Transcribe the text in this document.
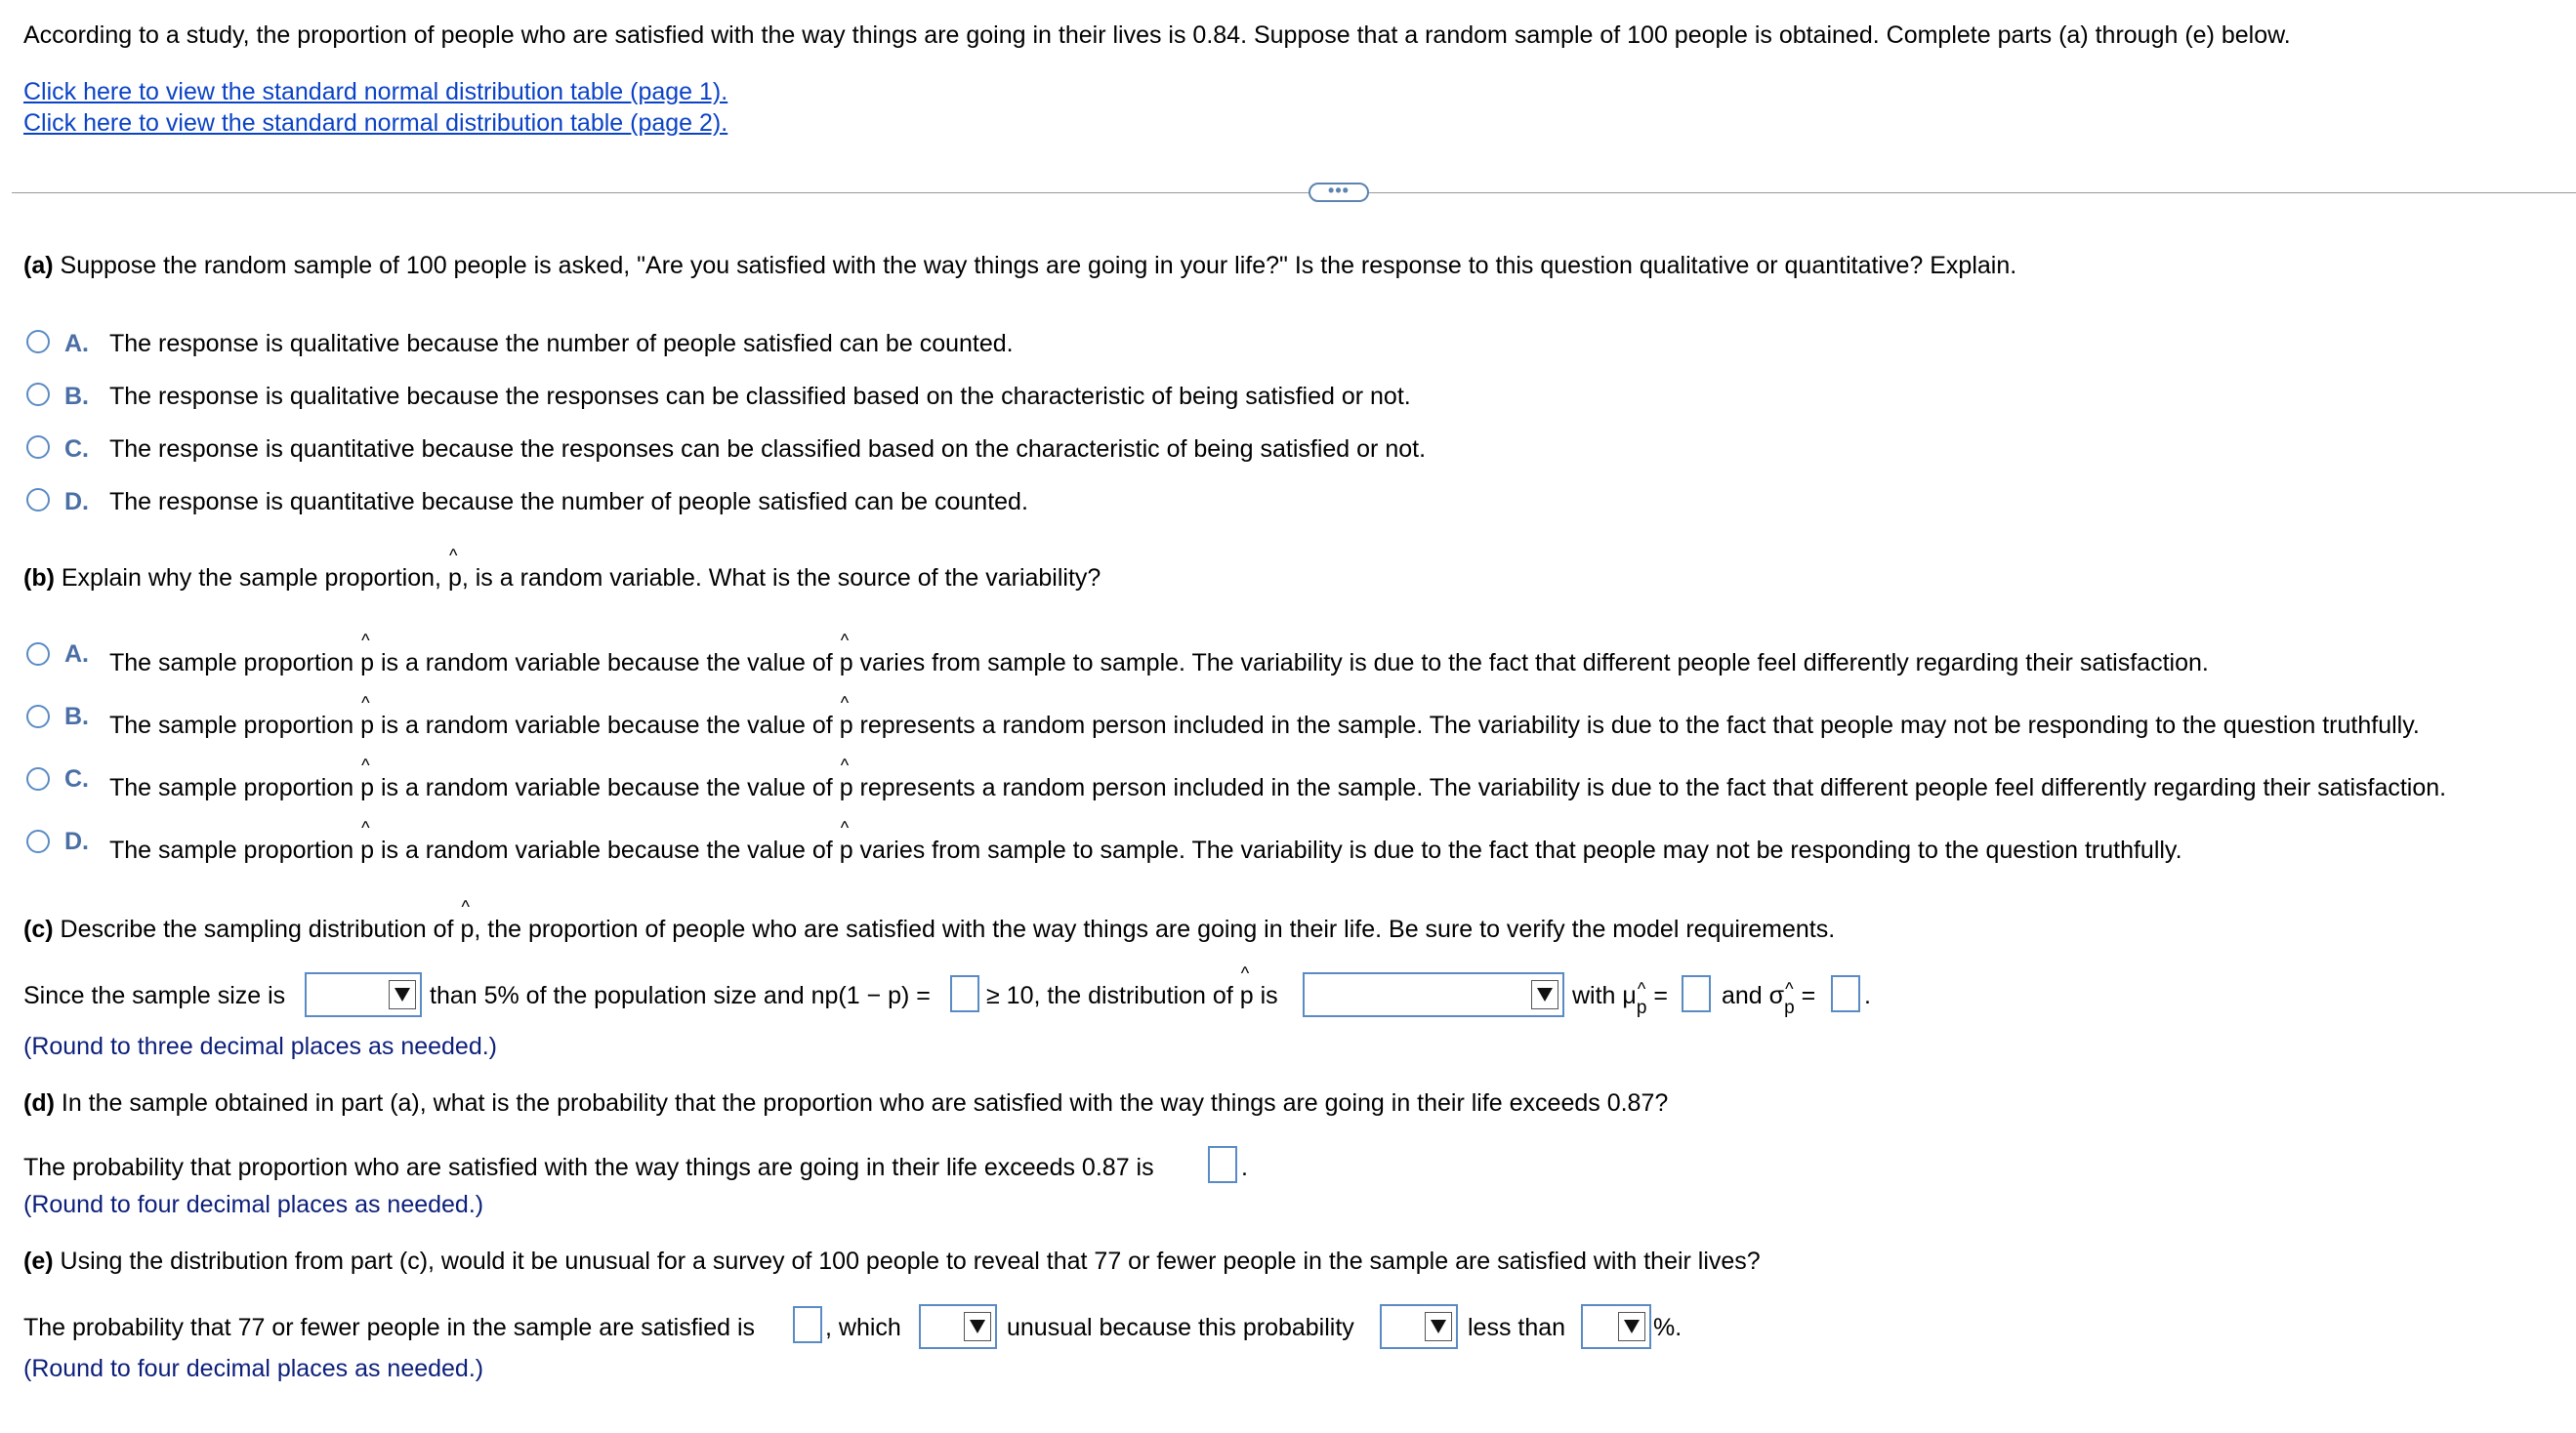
According to a study, the proportion of people who are satisfied with the way things are going in their lives is 0.84. Suppose that a random sample of 100 people is obtained. Complete parts (a) through (e) below.
Click here to view the standard normal distribution table (page 1).
Click here to view the standard normal distribution table (page 2).
•••
(a) Suppose the random sample of 100 people is asked, "Are you satisfied with the way things are going in your life?" Is the response to this question qualitative or quantitative? Explain.
A. The response is qualitative because the number of people satisfied can be counted.
B. The response is qualitative because the responses can be classified based on the characteristic of being satisfied or not.
C. The response is quantitative because the responses can be classified based on the characteristic of being satisfied or not.
D. The response is quantitative because the number of people satisfied can be counted.
(b) Explain why the sample proportion, ^ p, is a random variable. What is the source of the variability?
A. The sample proportion ^ p is a random variable because the value of ^ p varies from sample to sample. The variability is due to the fact that different people feel differently regarding their satisfaction.
B. The sample proportion ^ p is a random variable because the value of ^ p represents a random person included in the sample. The variability is due to the fact that people may not be responding to the question truthfully.
C. The sample proportion ^ p is a random variable because the value of ^ p represents a random person included in the sample. The variability is due to the fact that different people feel differently regarding their satisfaction.
D. The sample proportion ^ p is a random variable because the value of ^ p varies from sample to sample. The variability is due to the fact that people may not be responding to the question truthfully.
(c) Describe the sampling distribution of ^ p, the proportion of people who are satisfied with the way things are going in their life. Be sure to verify the model requirements.
Since the sample size is	than 5% of the population size and np(1 − p) = ≥ 10, the distribution of ^ p is	with μ^ p = and σ^ p = .
(Round to three decimal places as needed.)
(d) In the sample obtained in part (a), what is the probability that the proportion who are satisfied with the way things are going in their life exceeds 0.87?
The probability that proportion who are satisfied with the way things are going in their life exceeds 0.87 is	.
(Round to four decimal places as needed.)
(e) Using the distribution from part (c), would it be unusual for a survey of 100 people to reveal that 77 or fewer people in the sample are satisfied with their lives?
The probability that 77 or fewer people in the sample are satisfied is	, which	unusual because this probability	less than	%.
(Round to four decimal places as needed.)
